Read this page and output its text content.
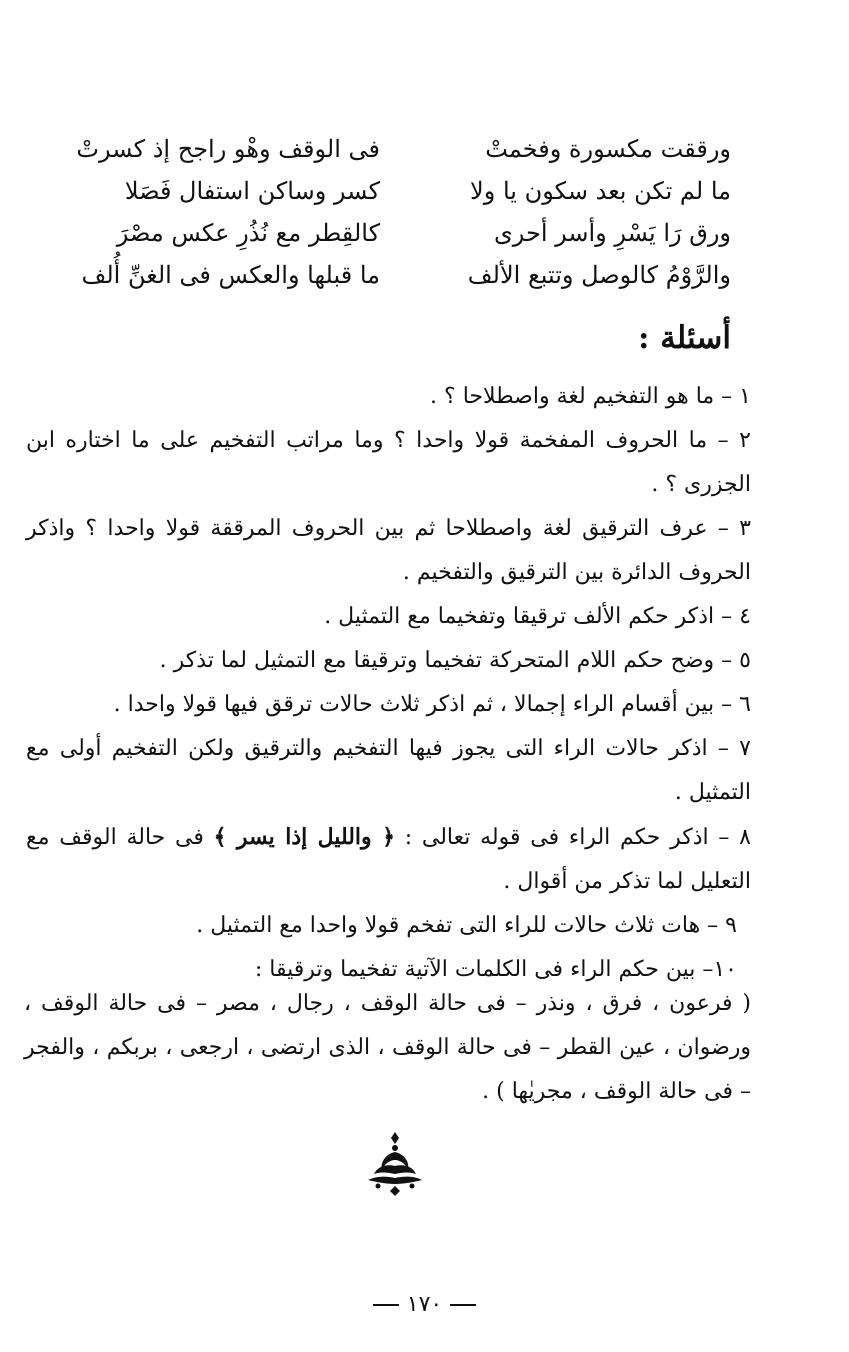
ورققت مكسورة وفخمتْ
فى الوقف وهْو راجح إذ كسرتْ
ما لم تكن بعد سكون يا ولا
كسر وساكن استفال فَصَلا
ورق رَا يَسْرِ وأسر أحرى
كالقِطر مع نُذُرِ عكس مصْرَ
والرَّوْمُ كالوصل وتتبع الألف
ما قبلها والعكس فى الغنِّ أُلف
أسئلة :
١ – ما هو التفخيم لغة واصطلاحا ؟ .
٢ – ما الحروف المفخمة قولا واحدا ؟ وما مراتب التفخيم على ما اختاره ابن الجزرى ؟ .
٣ – عرف الترقيق لغة واصطلاحا ثم بين الحروف المرققة قولا واحدا ؟ واذكر الحروف الدائرة بين الترقيق والتفخيم .
٤ – اذكر حكم الألف ترقيقا وتفخيما مع التمثيل .
٥ – وضح حكم اللام المتحركة تفخيما وترقيقا مع التمثيل لما تذكر .
٦ – بين أقسام الراء إجمالا ، ثم اذكر ثلاث حالات ترقق فيها قولا واحدا .
٧ – اذكر حالات الراء التى يجوز فيها التفخيم والترقيق ولكن التفخيم أولى مع التمثيل .
٨ – اذكر حكم الراء فى قوله تعالى : ﴿ والليل إذا يسر ﴾ فى حالة الوقف مع التعليل لما تذكر من أقوال .
٩ – هات ثلاث حالات للراء التى تفخم قولا واحدا مع التمثيل .
١٠– بين حكم الراء فى الكلمات الآتية تفخيما وترقيقا :
( فرعون ، فرق ، ونذر – فى حالة الوقف ، رجال ، مصر – فى حالة الوقف ، ورضوان ، عين القطر – فى حالة الوقف ، الذى ارتضى ، ارجعى ، بربكم ، والفجر – فى حالة الوقف ، مجريٰها ) .
١٧٠
